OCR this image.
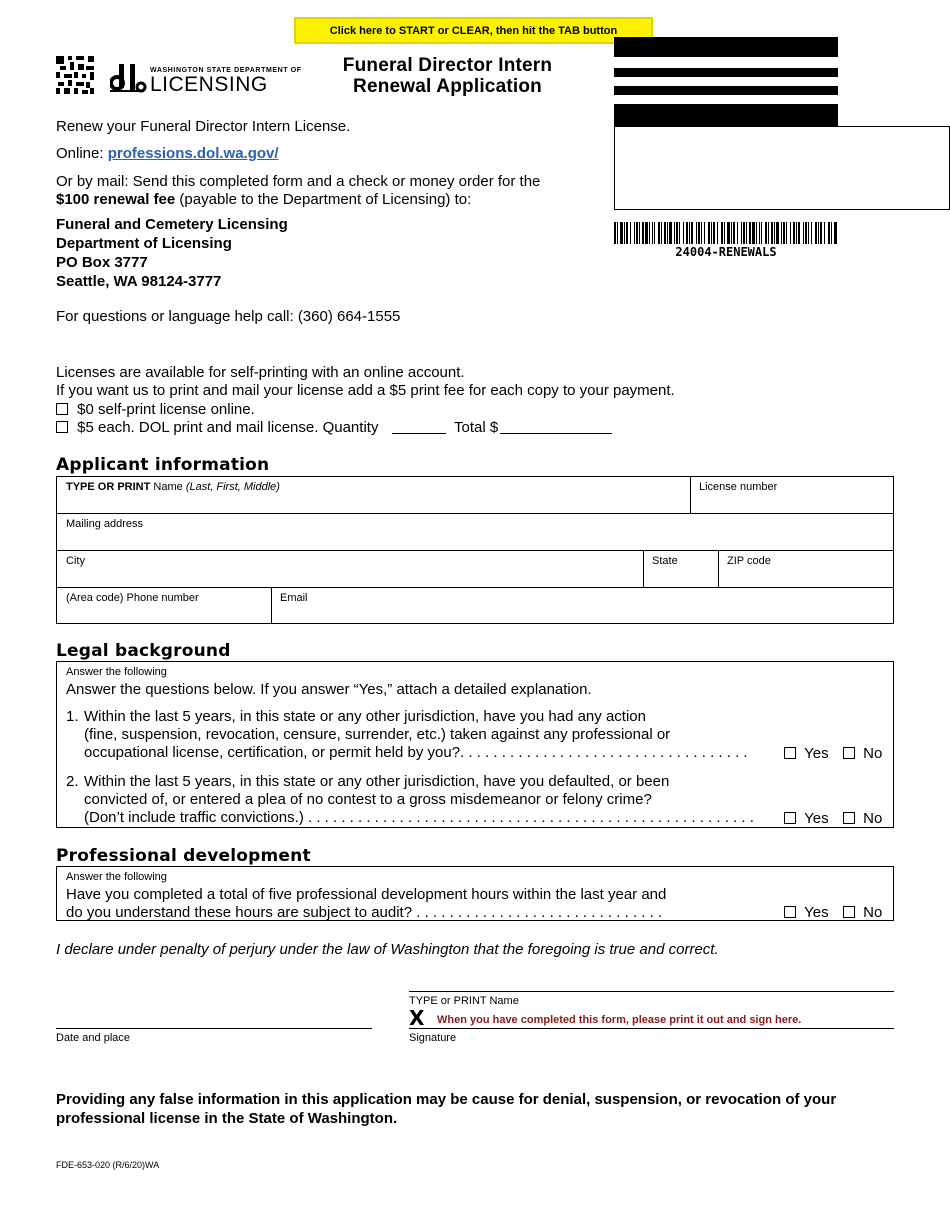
Click here to START or CLEAR, then hit the TAB button
WASHINGTON STATE DEPARTMENT OF
LICENSING
Funeral Director Intern
Renewal Application
24004-RENEWALS
Renew your Funeral Director Intern License.
Online: professions.dol.wa.gov/
Or by mail: Send this completed form and a check or money order for the
$100 renewal fee (payable to the Department of Licensing) to:
Funeral and Cemetery Licensing
Department of Licensing
PO Box 3777
Seattle, WA 98124-3777
For questions or language help call: (360) 664-1555
Licenses are available for self-printing with an online account.
If you want us to print and mail your license add a $5 print fee for each copy to your payment.
$0 self-print license online.
$5 each. DOL print and mail license. Quantity	Total $
Applicant information
TYPE OR PRINT Name (Last, First, Middle)	License number
Mailing address
City	State	ZIP code
(Area code) Phone number	Email
Legal background
Answer the following
Answer the questions below. If you answer “Yes,” attach a detailed explanation.
1. Within the last 5 years, in this state or any other jurisdiction, have you had any action
(fine, suspension, revocation, censure, surrender, etc.) taken against any professional or
occupational license, certification, or permit held by you?. . . . . . . . . . . . . . . . . . . . . . . . . . . . . . . . . . .	Yes	No
2. Within the last 5 years, in this state or any other jurisdiction, have you defaulted, or been
convicted of, or entered a plea of no contest to a gross misdemeanor or felony crime?
(Don’t include traffic convictions.) . . . . . . . . . . . . . . . . . . . . . . . . . . . . . . . . . . . . . . . . . . . . . . . . . . . . . .	Yes	No
Professional development
Answer the following
Have you completed a total of five professional development hours within the last year and
do you understand these hours are subject to audit? . . . . . . . . . . . . . . . . . . . . . . . . . . . . . .	Yes	No
I declare under penalty of perjury under the law of Washington that the foregoing is true and correct.
TYPE or PRINT Name
X When you have completed this form, please print it out and sign here.
Signature
Date and place
Providing any false information in this application may be cause for denial, suspension, or revocation of your professional license in the State of Washington.
FDE-653-020 (R/6/20)WA
